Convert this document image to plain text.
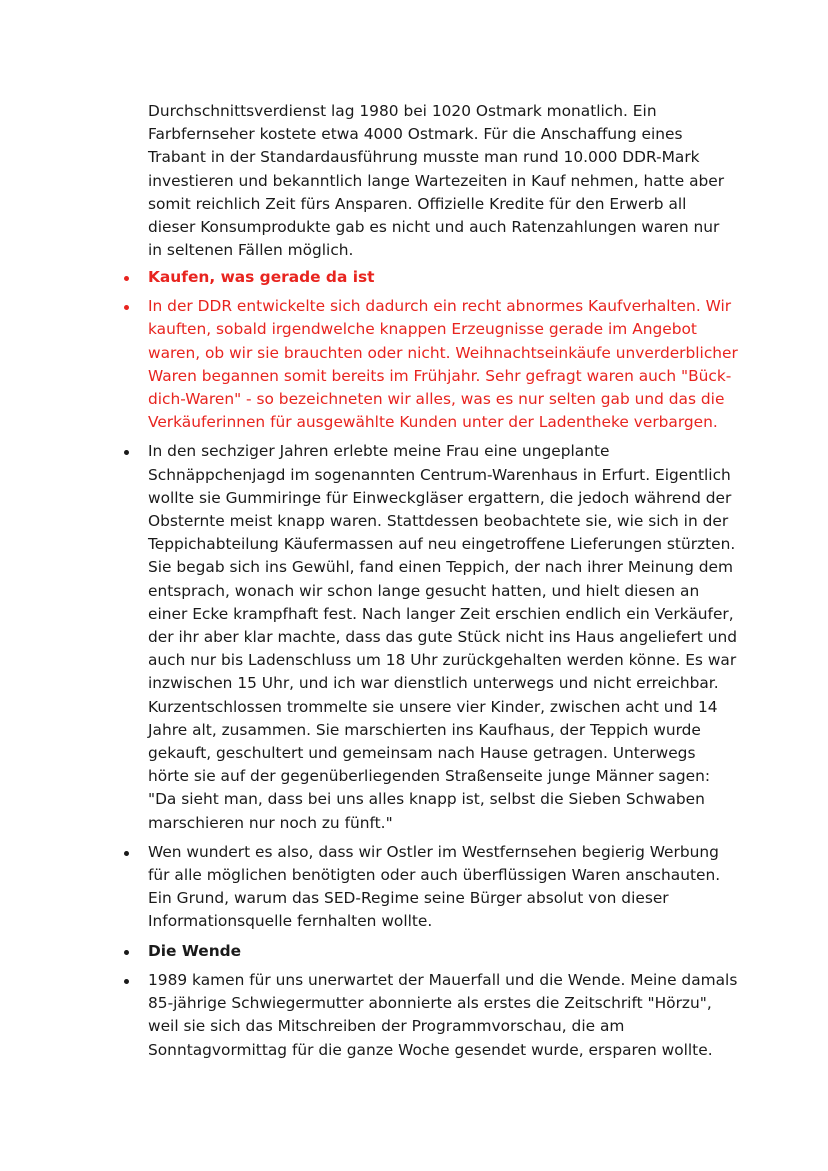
Durchschnittsverdienst lag 1980 bei 1020 Ostmark monatlich. Ein Farbfernseher kostete etwa 4000 Ostmark. Für die Anschaffung eines Trabant in der Standardausführung musste man rund 10.000 DDR-Mark investieren und bekanntlich lange Wartezeiten in Kauf nehmen, hatte aber somit reichlich Zeit fürs Ansparen. Offizielle Kredite für den Erwerb all dieser Konsumprodukte gab es nicht und auch Ratenzahlungen waren nur in seltenen Fällen möglich.

Kaufen, was gerade da ist
In der DDR entwickelte sich dadurch ein recht abnormes Kaufverhalten. Wir kauften, sobald irgendwelche knappen Erzeugnisse gerade im Angebot waren, ob wir sie brauchten oder nicht. Weihnachtseinkäufe unverderblicher Waren begannen somit bereits im Frühjahr. Sehr gefragt waren auch "Bück-dich-Waren" - so bezeichneten wir alles, was es nur selten gab und das die Verkäuferinnen für ausgewählte Kunden unter der Ladentheke verbargen.
In den sechziger Jahren erlebte meine Frau eine ungeplante Schnäppchenjagd im sogenannten Centrum-Warenhaus in Erfurt. Eigentlich wollte sie Gummiringe für Einweckgläser ergattern, die jedoch während der Obsternte meist knapp waren. Stattdessen beobachtete sie, wie sich in der Teppichabteilung Käufermassen auf neu eingetroffene Lieferungen stürzten. Sie begab sich ins Gewühl, fand einen Teppich, der nach ihrer Meinung dem entsprach, wonach wir schon lange gesucht hatten, und hielt diesen an einer Ecke krampfhaft fest. Nach langer Zeit erschien endlich ein Verkäufer, der ihr aber klar machte, dass das gute Stück nicht ins Haus angeliefert und auch nur bis Ladenschluss um 18 Uhr zurückgehalten werden könne. Es war inzwischen 15 Uhr, und ich war dienstlich unterwegs und nicht erreichbar. Kurzentschlossen trommelte sie unsere vier Kinder, zwischen acht und 14 Jahre alt, zusammen. Sie marschierten ins Kaufhaus, der Teppich wurde gekauft, geschultert und gemeinsam nach Hause getragen. Unterwegs hörte sie auf der gegenüberliegenden Straßenseite junge Männer sagen: "Da sieht man, dass bei uns alles knapp ist, selbst die Sieben Schwaben marschieren nur noch zu fünft."
Wen wundert es also, dass wir Ostler im Westfernsehen begierig Werbung für alle möglichen benötigten oder auch überflüssigen Waren anschauten. Ein Grund, warum das SED-Regime seine Bürger absolut von dieser Informationsquelle fernhalten wollte.
Die Wende
1989 kamen für uns unerwartet der Mauerfall und die Wende. Meine damals 85-jährige Schwiegermutter abonnierte als erstes die Zeitschrift "Hörzu", weil sie sich das Mitschreiben der Programmvorschau, die am Sonntagvormittag für die ganze Woche gesendet wurde, ersparen wollte.
